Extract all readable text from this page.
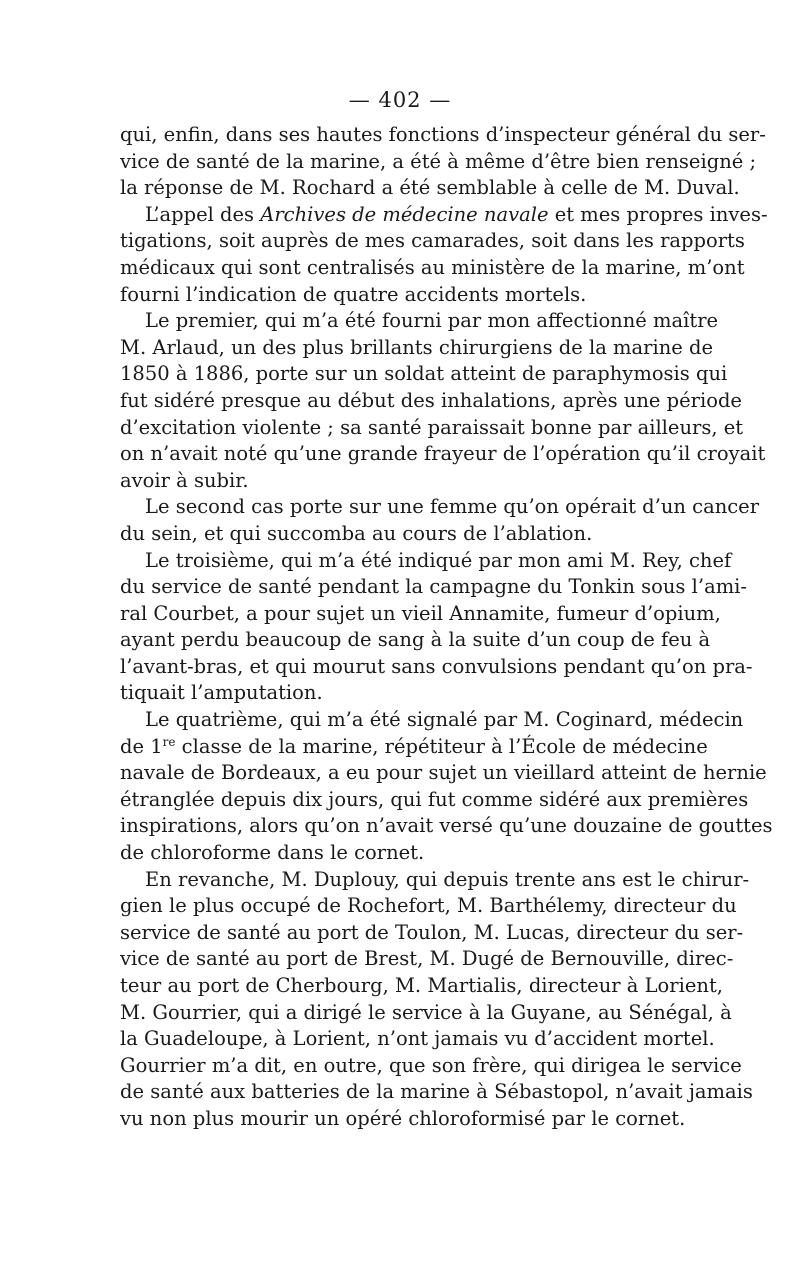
— 402 —
qui, enfin, dans ses hautes fonctions d’inspecteur général du ser-
vice de santé de la marine, a été à même d’être bien renseigné ;
la réponse de M. Rochard a été semblable à celle de M. Duval.
L’appel des Archives de médecine navale et mes propres inves-
tigations, soit auprès de mes camarades, soit dans les rapports
médicaux qui sont centralisés au ministère de la marine, m’ont
fourni l’indication de quatre accidents mortels.
Le premier, qui m’a été fourni par mon affectionné maître
M. Arlaud, un des plus brillants chirurgiens de la marine de
1850 à 1886, porte sur un soldat atteint de paraphymosis qui
fut sidéré presque au début des inhalations, après une période
d’excitation violente ; sa santé paraissait bonne par ailleurs, et
on n’avait noté qu’une grande frayeur de l’opération qu’il croyait
avoir à subir.
Le second cas porte sur une femme qu’on opérait d’un cancer
du sein, et qui succomba au cours de l’ablation.
Le troisième, qui m’a été indiqué par mon ami M. Rey, chef
du service de santé pendant la campagne du Tonkin sous l’ami-
ral Courbet, a pour sujet un vieil Annamite, fumeur d’opium,
ayant perdu beaucoup de sang à la suite d’un coup de feu à
l’avant-bras, et qui mourut sans convulsions pendant qu’on pra-
tiquait l’amputation.
Le quatrième, qui m’a été signalé par M. Coginard, médecin
de 1re classe de la marine, répétiteur à l’École de médecine
navale de Bordeaux, a eu pour sujet un vieillard atteint de hernie
étranglée depuis dix jours, qui fut comme sidéré aux premières
inspirations, alors qu’on n’avait versé qu’une douzaine de gouttes
de chloroforme dans le cornet.
En revanche, M. Duplouy, qui depuis trente ans est le chirur-
gien le plus occupé de Rochefort, M. Barthélemy, directeur du
service de santé au port de Toulon, M. Lucas, directeur du ser-
vice de santé au port de Brest, M. Dugé de Bernouville, direc-
teur au port de Cherbourg, M. Martialis, directeur à Lorient,
M. Gourrier, qui a dirigé le service à la Guyane, au Sénégal, à
la Guadeloupe, à Lorient, n’ont jamais vu d’accident mortel.
Gourrier m’a dit, en outre, que son frère, qui dirigea le service
de santé aux batteries de la marine à Sébastopol, n’avait jamais
vu non plus mourir un opéré chloroformisé par le cornet.
